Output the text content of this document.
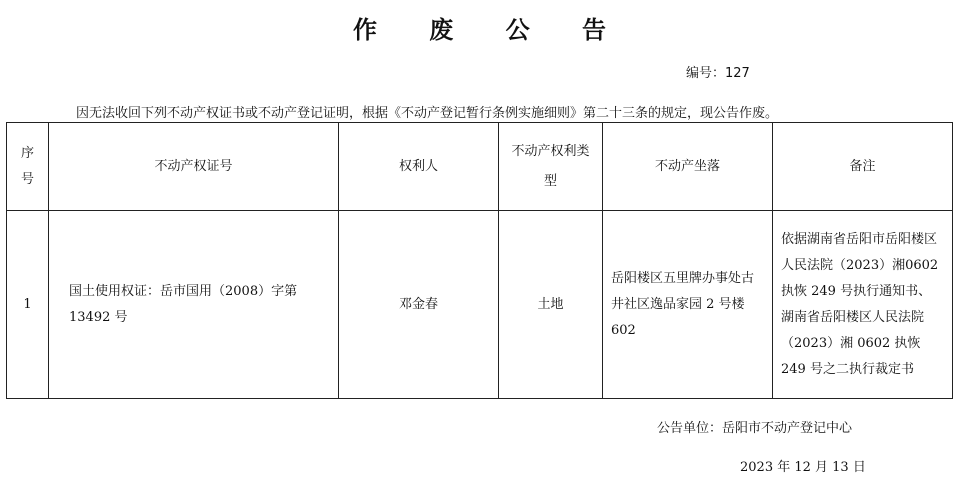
作 废 公 告
编号：127
因无法收回下列不动产权证书或不动产登记证明，根据《不动产登记暂行条例实施细则》第二十三条的规定，现公告作废。
序号	不动产权证号	权利人	不动产权利类型	不动产坐落	备注
1	国土使用权证：岳市国用（2008）字第13492 号	邓金春	土地	岳阳楼区五里牌办事处古井社区逸品家园 2 号楼 602	依据湖南省岳阳市岳阳楼区人民法院（2023）湘0602 执恢 249 号执行通知书、湖南省岳阳楼区人民法院（2023）湘 0602 执恢 249 号之二执行裁定书
公告单位：岳阳市不动产登记中心
2023 年 12 月 13 日
